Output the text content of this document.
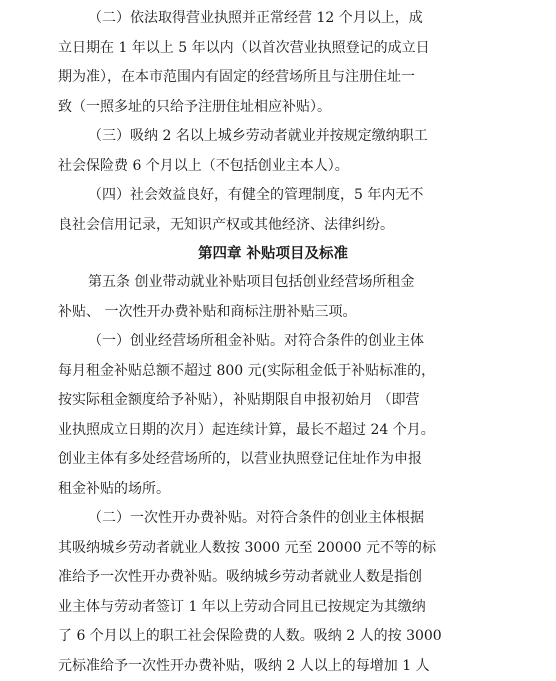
（二）依法取得营业执照并正常经营 12 个月以上，成
立日期在 1 年以上 5 年以内（以首次营业执照登记的成立日
期为准），在本市范围内有固定的经营场所且与注册住址一
致（一照多址的只给予注册住址相应补贴）。
（三）吸纳 2 名以上城乡劳动者就业并按规定缴纳职工
社会保险费 6 个月以上（不包括创业主本人）。
（四）社会效益良好，有健全的管理制度，5 年内无不
良社会信用记录，无知识产权或其他经济、法律纠纷。
第四章 补贴项目及标准
第五条 创业带动就业补贴项目包括创业经营场所租金
补贴、 一次性开办费补贴和商标注册补贴三项。
（一）创业经营场所租金补贴。对符合条件的创业主体
每月租金补贴总额不超过 800 元(实际租金低于补贴标准的，
按实际租金额度给予补贴），补贴期限自申报初始月 （即营
业执照成立日期的次月）起连续计算，最长不超过 24 个月。
创业主体有多处经营场所的，以营业执照登记住址作为申报
租金补贴的场所。
（二）一次性开办费补贴。对符合条件的创业主体根据
其吸纳城乡劳动者就业人数按 3000 元至 20000 元不等的标
准给予一次性开办费补贴。吸纳城乡劳动者就业人数是指创
业主体与劳动者签订 1 年以上劳动合同且已按规定为其缴纳
了 6 个月以上的职工社会保险费的人数。吸纳 2 人的按 3000
元标准给予一次性开办费补贴，吸纳 2 人以上的每增加 1 人
